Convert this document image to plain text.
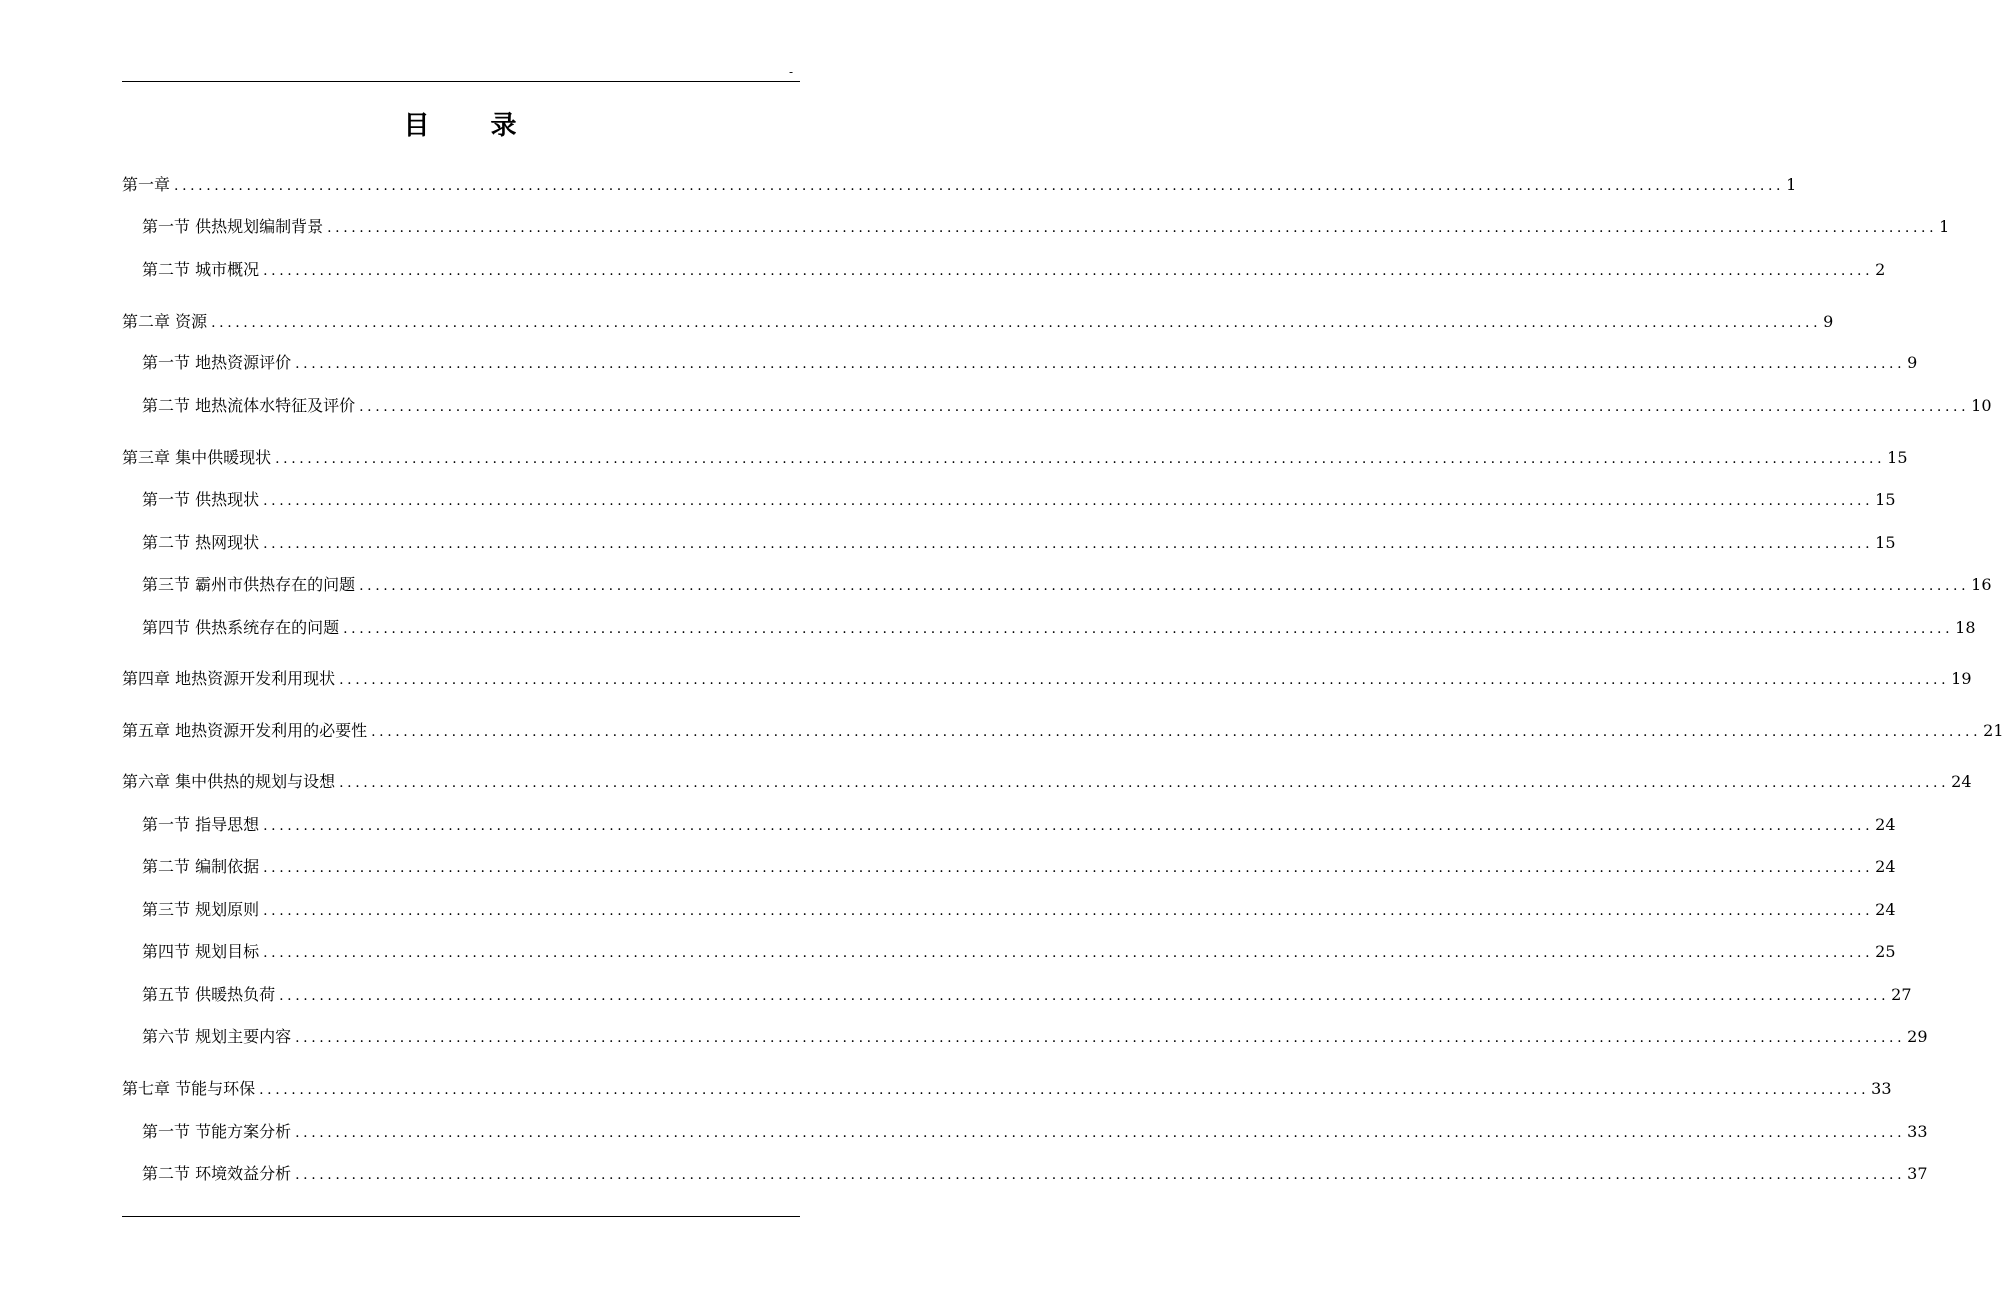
-
目 录
第一章 ........................................................................................................................................................................................................ 1
第一节 供热规划编制背景 ........................................................................................................................................................................................................ 1
第二节 城市概况 ........................................................................................................................................................................................................ 2
第二章 资源 ........................................................................................................................................................................................................ 9
第一节 地热资源评价 ........................................................................................................................................................................................................ 9
第二节 地热流体水特征及评价 ........................................................................................................................................................................................................ 10
第三章 集中供暖现状 ........................................................................................................................................................................................................ 15
第一节 供热现状 ........................................................................................................................................................................................................ 15
第二节 热网现状 ........................................................................................................................................................................................................ 15
第三节 霸州市供热存在的问题 ........................................................................................................................................................................................................ 16
第四节 供热系统存在的问题 ........................................................................................................................................................................................................ 18
第四章 地热资源开发利用现状 ........................................................................................................................................................................................................ 19
第五章 地热资源开发利用的必要性 ........................................................................................................................................................................................................ 21
第六章 集中供热的规划与设想 ........................................................................................................................................................................................................ 24
第一节 指导思想 ........................................................................................................................................................................................................ 24
第二节 编制依据 ........................................................................................................................................................................................................ 24
第三节 规划原则 ........................................................................................................................................................................................................ 24
第四节 规划目标 ........................................................................................................................................................................................................ 25
第五节 供暖热负荷 ........................................................................................................................................................................................................ 27
第六节 规划主要内容 ........................................................................................................................................................................................................ 29
第七章 节能与环保 ........................................................................................................................................................................................................ 33
第一节 节能方案分析 ........................................................................................................................................................................................................ 33
第二节 环境效益分析 ........................................................................................................................................................................................................ 37
